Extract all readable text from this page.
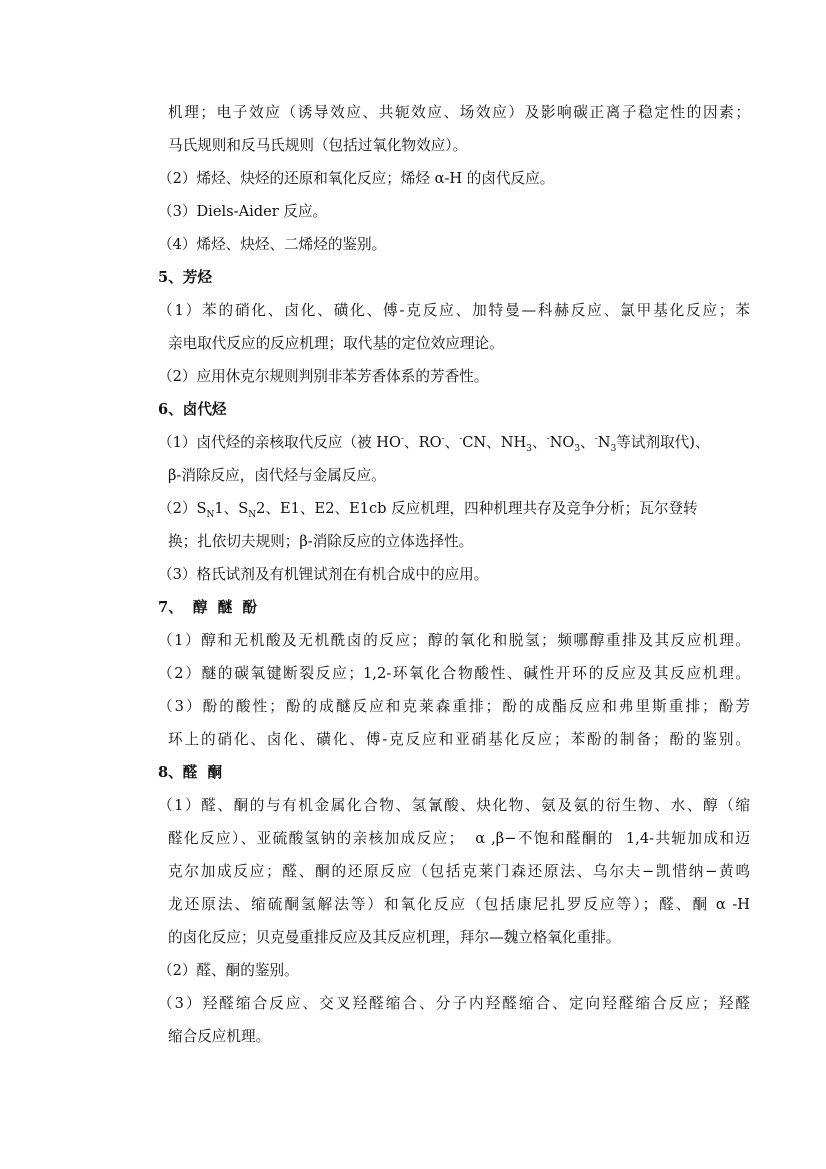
机理；电子效应（诱导效应、共轭效应、场效应）及影响碳正离子稳定性的因素；
马氏规则和反马氏规则（包括过氧化物效应）。
（2）烯烃、炔烃的还原和氧化反应；烯烃 α-H 的卤代反应。
（3）Diels-Aider 反应。
（4）烯烃、炔烃、二烯烃的鉴别。
5、芳烃
（1）苯的硝化、卤化、磺化、傅-克反应、加特曼—科赫反应、氯甲基化反应；苯
亲电取代反应的反应机理；取代基的定位效应理论。
（2）应用休克尔规则判别非苯芳香体系的芳香性。
6、卤代烃
（1）卤代烃的亲核取代反应（被 HO-、RO-、-CN、$NH_3$、$^-NO_3$、$^-N_3$等试剂取代)、
β-消除反应，卤代烃与金属反应。
$(2)S_N1$、$S_N2$、E1、E2、E1cb 反应机理，四种机理共存及竞争分析；瓦尔登转
换；扎依切夫规则；β-消除反应的立体选择性。
（3）格氏试剂及有机锂试剂在有机合成中的应用。
7、  醇  醚  酚
（1）醇和无机酸及无机酰卤的反应；醇的氧化和脱氢；频哪醇重排及其反应机理。
（2）醚的碳氧键断裂反应；1,2-环氧化合物酸性、碱性开环的反应及其反应机理。
（3）酚的酸性；酚的成醚反应和克莱森重排；酚的成酯反应和弗里斯重排；酚芳
环上的硝化、卤化、磺化、傅-克反应和亚硝基化反应；苯酚的制备；酚的鉴别。
8、醛  酮
（1）醛、酮的与有机金属化合物、氢氰酸、炔化物、氨及氨的衍生物、水、醇（缩
醛化反应）、亚硫酸氢钠的亲核加成反应；  α ,β−不饱和醛酮的  1,4-共轭加成和迈
克尔加成反应；醛、酮的还原反应（包括克莱门森还原法、乌尔夫−凯惜纳−黄鸣
龙还原法、缩硫酮氢解法等）和氧化反应（包括康尼扎罗反应等）；醛、酮 α -H
的卤化反应；贝克曼重排反应及其反应机理，拜尔—魏立格氧化重排。
（2）醛、酮的鉴别。
（3）羟醛缩合反应、交叉羟醛缩合、分子内羟醛缩合、定向羟醛缩合反应；羟醛
缩合反应机理。
